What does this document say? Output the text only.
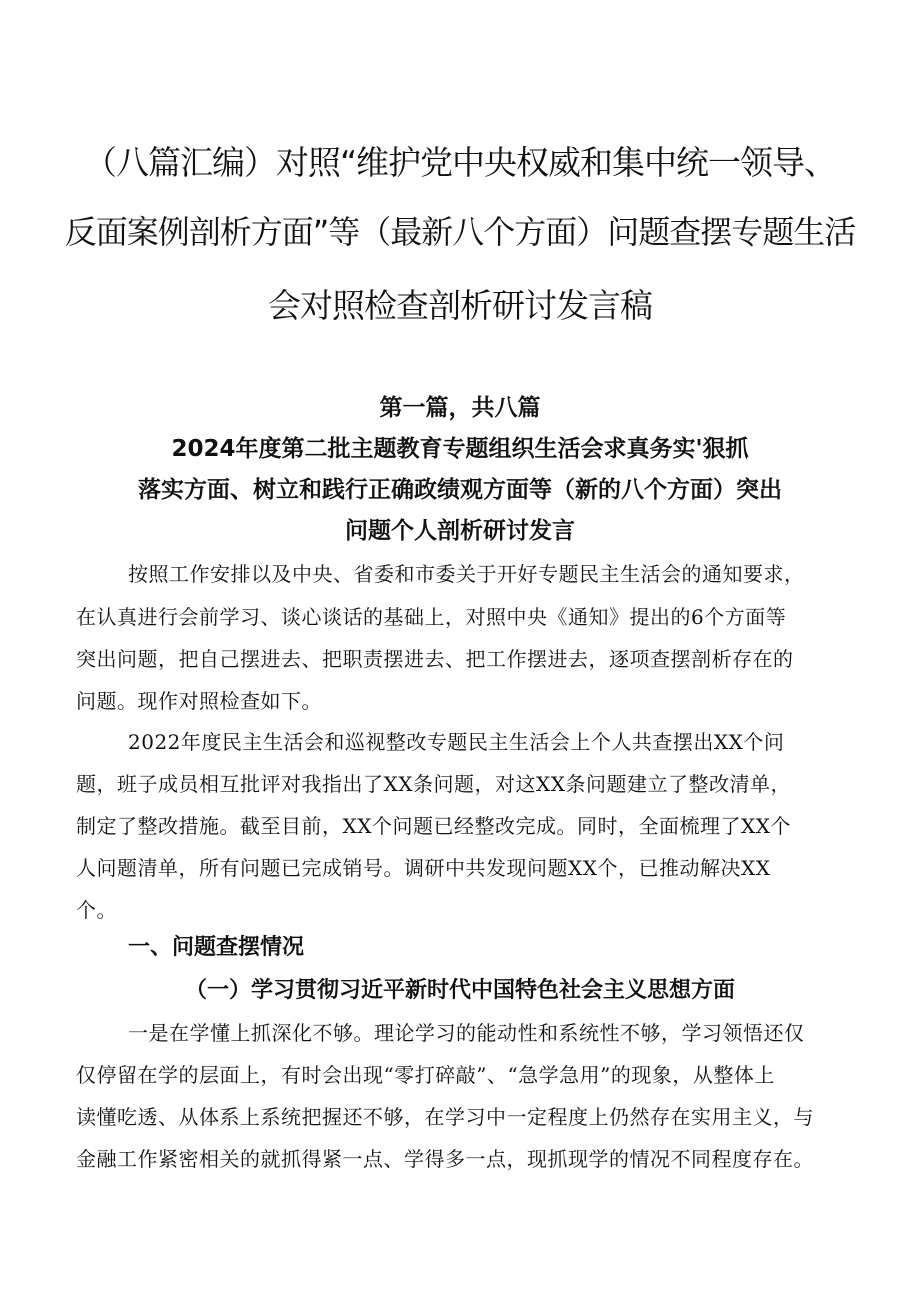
（八篇汇编）对照“维护党中央权威和集中统一领导、
反面案例剖析方面”等（最新八个方面）问题查摆专题生活
会对照检查剖析研讨发言稿
第一篇，共八篇
2024年度第二批主题教育专题组织生活会求真务实'狠抓
落实方面、树立和践行正确政绩观方面等（新的八个方面）突出
问题个人剖析研讨发言

按照工作安排以及中央、省委和市委关于开好专题民主生活会的通知要求，

在认真进行会前学习、谈心谈话的基础上，对照中央《通知》提出的6个方面等

突出问题，把自己摆进去、把职责摆进去、把工作摆进去，逐项查摆剖析存在的

问题。现作对照检查如下。

2022年度民主生活会和巡视整改专题民主生活会上个人共查摆出XX个问

题，班子成员相互批评对我指出了XX条问题，对这XX条问题建立了整改清单，

制定了整改措施。截至目前，XX个问题已经整改完成。同时，全面梳理了XX个

人问题清单，所有问题已完成销号。调研中共发现问题XX个，已推动解决XX

个。

一、问题查摆情况
（一）学习贯彻习近平新时代中国特色社会主义思想方面

一是在学懂上抓深化不够。理论学习的能动性和系统性不够，学习领悟还仅

仅停留在学的层面上，有时会出现“零打碎敲”、“急学急用”的现象，从整体上

读懂吃透、从体系上系统把握还不够，在学习中一定程度上仍然存在实用主义，与

金融工作紧密相关的就抓得紧一点、学得多一点，现抓现学的情况不同程度存在。
